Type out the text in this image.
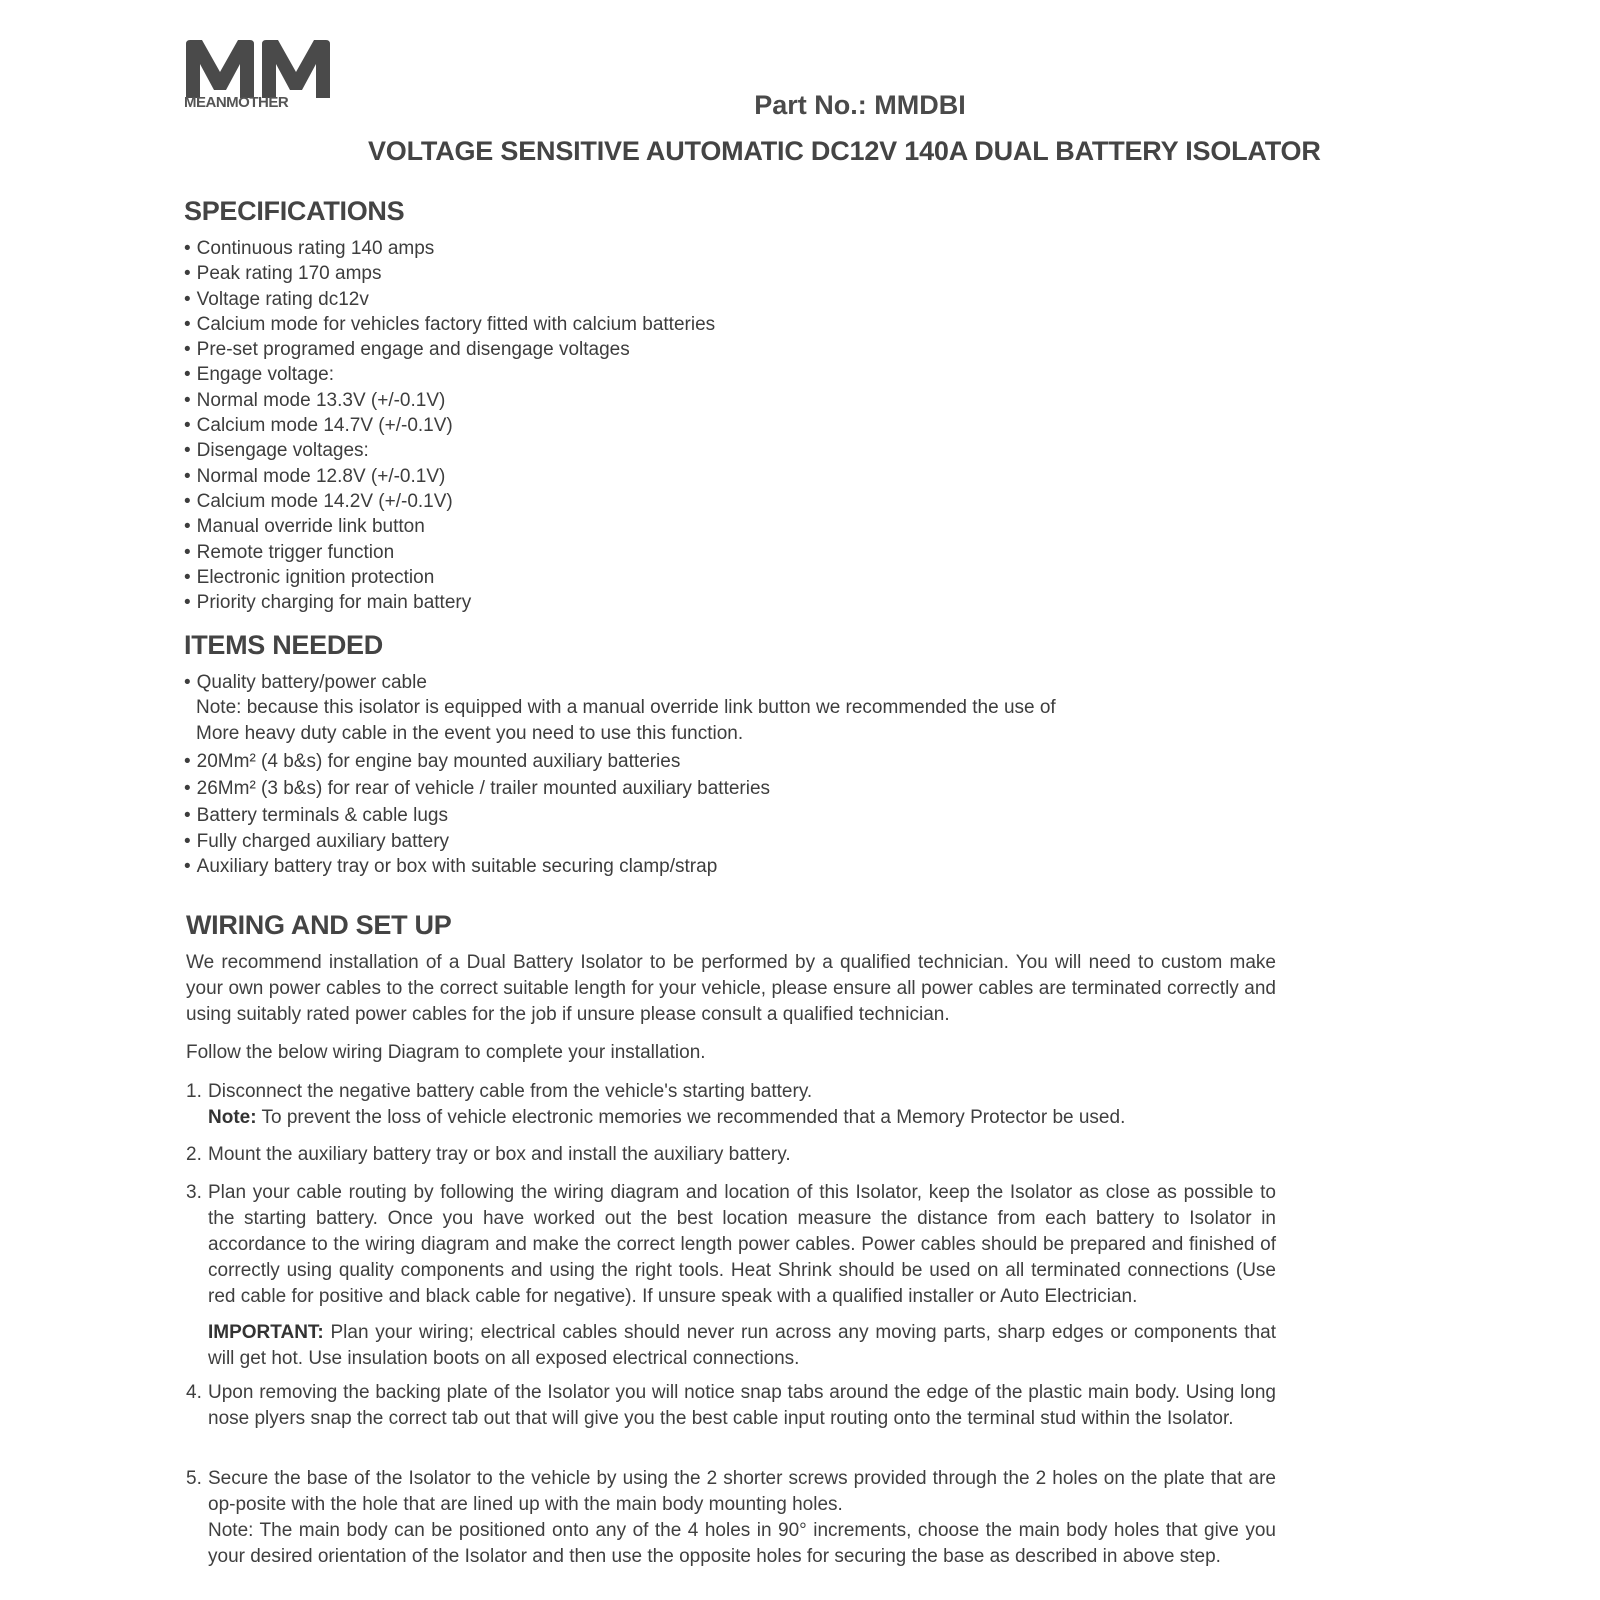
MEANMOTHER	Part No.: MMDBI
VOLTAGE SENSITIVE AUTOMATIC DC12V 140A DUAL BATTERY ISOLATOR
SPECIFICATIONS
• Continuous rating 140 amps
• Peak rating 170 amps
• Voltage rating dc12v
• Calcium mode for vehicles factory fitted with calcium batteries
• Pre-set programed engage and disengage voltages
• Engage voltage:
• Normal mode 13.3V (+/-0.1V)
• Calcium mode 14.7V (+/-0.1V)
• Disengage voltages:
• Normal mode 12.8V (+/-0.1V)
• Calcium mode 14.2V (+/-0.1V)
• Manual override link button
• Remote trigger function
• Electronic ignition protection
• Priority charging for main battery
ITEMS NEEDED
• Quality battery/power cable
Note: because this isolator is equipped with a manual override link button we recommended the use of
More heavy duty cable in the event you need to use this function.
• 20Mm² (4 b&s) for engine bay mounted auxiliary batteries
• 26Mm² (3 b&s) for rear of vehicle / trailer mounted auxiliary batteries
• Battery terminals & cable lugs
• Fully charged auxiliary battery
• Auxiliary battery tray or box with suitable securing clamp/strap
WIRING AND SET UP

We recommend installation of a Dual Battery Isolator to be performed by a qualified technician. You will need to custom make your own power cables to the correct suitable length for your vehicle, please ensure all power cables are terminated correctly and using suitably rated power cables for the job if unsure please consult a qualified technician.

Follow the below wiring Diagram to complete your installation.

1. Disconnect the negative battery cable from the vehicle's starting battery.
Note: To prevent the loss of vehicle electronic memories we recommended that a Memory Protector be used.
2. Mount the auxiliary battery tray or box and install the auxiliary battery.
3. Plan your cable routing by following the wiring diagram and location of this Isolator, keep the Isolator as close as possible to the starting battery. Once you have worked out the best location measure the distance from each battery to Isolator in accordance to the wiring diagram and make the correct length power cables. Power cables should be prepared and finished of correctly using quality components and using the right tools. Heat Shrink should be used on all terminated connections (Use red cable for positive and black cable for negative). If unsure speak with a qualified installer or Auto Electrician.
IMPORTANT: Plan your wiring; electrical cables should never run across any moving parts, sharp edges or components that will get hot. Use insulation boots on all exposed electrical connections.
4. Upon removing the backing plate of the Isolator you will notice snap tabs around the edge of the plastic main body. Using long nose plyers snap the correct tab out that will give you the best cable input routing onto the terminal stud within the Isolator.
5. Secure the base of the Isolator to the vehicle by using the 2 shorter screws provided through the 2 holes on the plate that are op-posite with the hole that are lined up with the main body mounting holes.
Note: The main body can be positioned onto any of the 4 holes in 90° increments, choose the main body holes that give you your desired orientation of the Isolator and then use the opposite holes for securing the base as described in above step.
